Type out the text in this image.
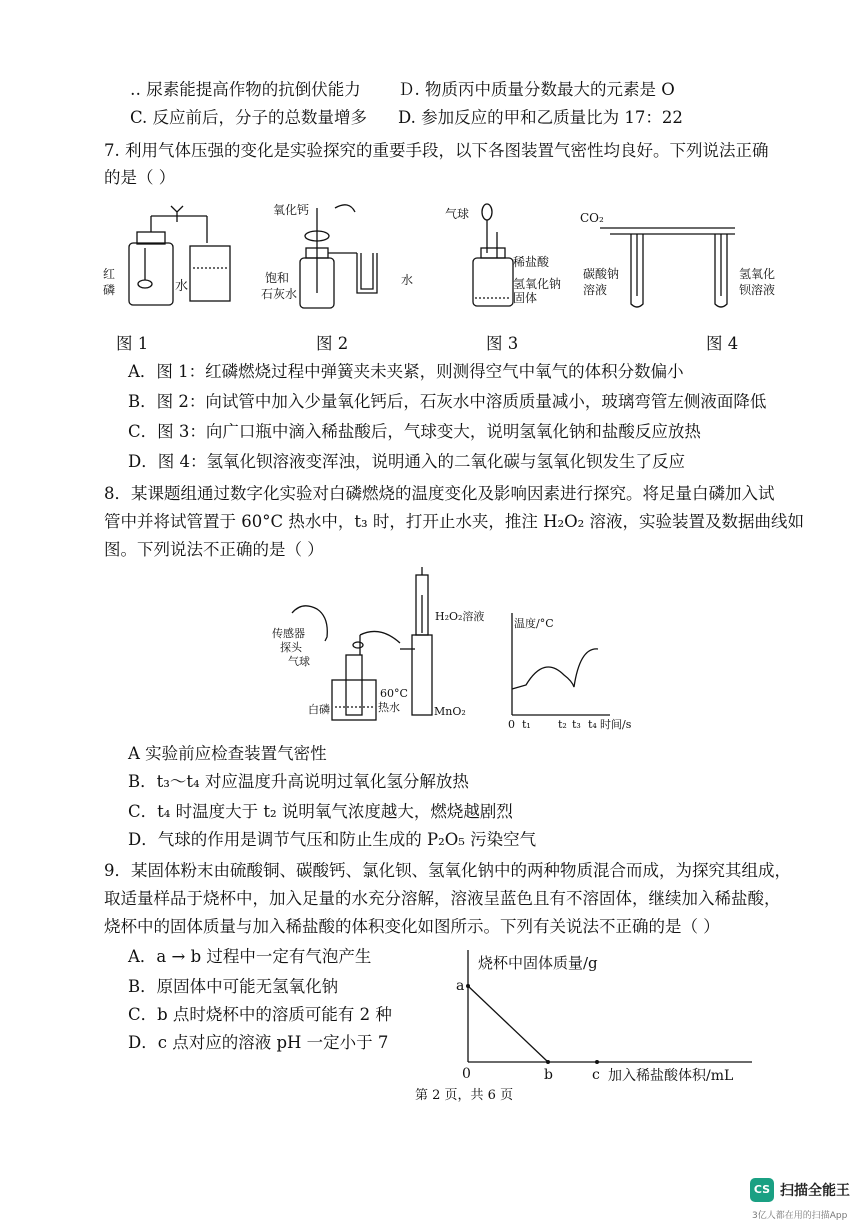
‥ 尿素能提高作物的抗倒伏能力 Ｄ. 物质丙中质量分数最大的元素是 O
C. 反应前后，分子的总数量增多 D. 参加反应的甲和乙质量比为 17：22
7. 利用气体压强的变化是实验探究的重要手段，以下各图装置气密性均良好。下列说法正确
的是（ ）
红
磷	水
氧化钙
饱和
石灰水
水
气球
稀盐酸
氢氧化钠
固体
CO₂
碳酸钠
溶液
氢氧化
钡溶液
图 1	图 2	图 3	图 4
A．图 1：红磷燃烧过程中弹簧夹未夹紧，则测得空气中氧气的体积分数偏小
B．图 2：向试管中加入少量氧化钙后，石灰水中溶质质量减小，玻璃弯管左侧液面降低
C．图 3：向广口瓶中滴入稀盐酸后，气球变大，说明氢氧化钠和盐酸反应放热
D．图 4：氢氧化钡溶液变浑浊，说明通入的二氧化碳与氢氧化钡发生了反应
8．某课题组通过数字化实验对白磷燃烧的温度变化及影响因素进行探究。将足量白磷加入试
管中并将试管置于 60°C 热水中，t₃ 时，打开止水夹，推注 H₂O₂ 溶液，实验装置及数据曲线如
图。下列说法不正确的是（ ）
H₂O₂溶液
传感器
探头
气球
60°C
热水
白磷	MnO₂
温度/°C
0 t₁ t₂ t₃ t₄ 时间/s
A 实验前应检查装置气密性
B．t₃～t₄ 对应温度升高说明过氧化氢分解放热
C．t₄ 时温度大于 t₂ 说明氧气浓度越大，燃烧越剧烈
D．气球的作用是调节气压和防止生成的 P₂O₅ 污染空气
9．某固体粉末由硫酸铜、碳酸钙、氯化钡、氢氧化钠中的两种物质混合而成，为探究其组成，
取适量样品于烧杯中，加入足量的水充分溶解，溶液呈蓝色且有不溶固体，继续加入稀盐酸，
烧杯中的固体质量与加入稀盐酸的体积变化如图所示。下列有关说法不正确的是（ ）
A．a → b 过程中一定有气泡产生
B．原固体中可能无氢氧化钠
C．b 点时烧杯中的溶质可能有 2 种
D．c 点对应的溶液 pH 一定小于 7
烧杯中固体质量/g
a
0	b	c 加入稀盐酸体积/mL
第 2 页，共 6 页
CS 扫描全能王
3亿人都在用的扫描App
